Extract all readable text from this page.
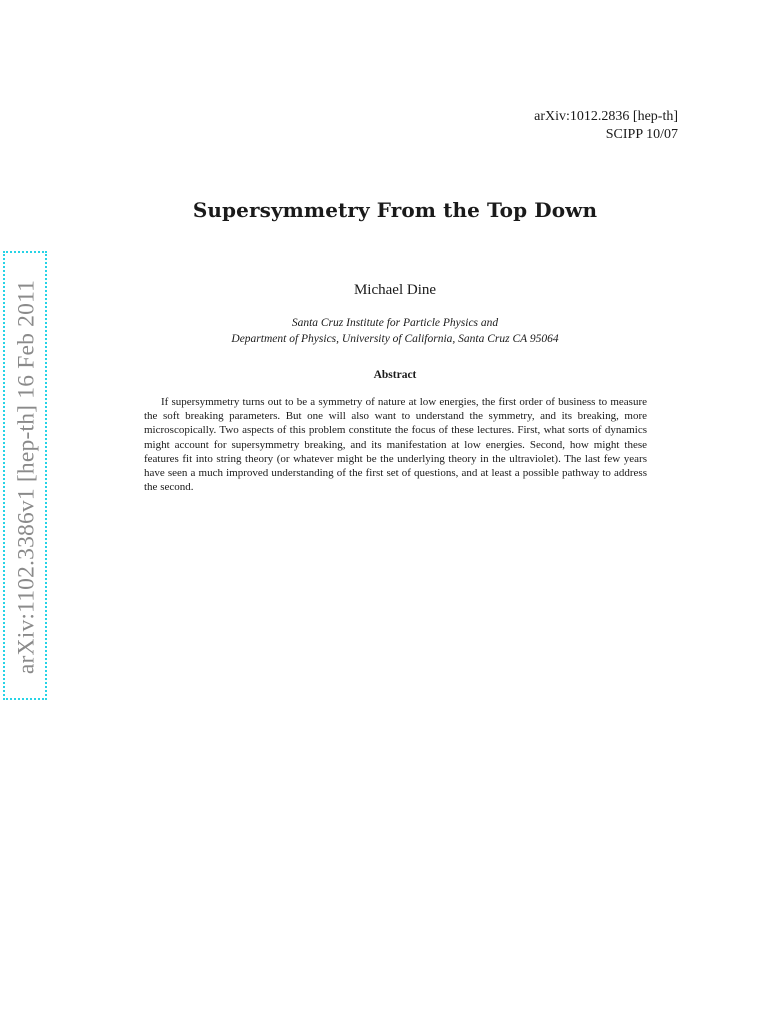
arXiv:1012.2836 [hep-th]
SCIPP 10/07
Supersymmetry From the Top Down
Michael Dine
Santa Cruz Institute for Particle Physics and
Department of Physics, University of California, Santa Cruz CA 95064
Abstract

If supersymmetry turns out to be a symmetry of nature at low energies, the first order of business to measure the soft breaking parameters. But one will also want to understand the symmetry, and its breaking, more microscopically. Two aspects of this problem constitute the focus of these lectures. First, what sorts of dynamics might account for supersymmetry breaking, and its manifestation at low energies. Second, how might these features fit into string theory (or whatever might be the underlying theory in the ultraviolet). The last few years have seen a much improved understanding of the first set of questions, and at least a possible pathway to address the second.

arXiv:1102.3386v1 [hep-th] 16 Feb 2011
